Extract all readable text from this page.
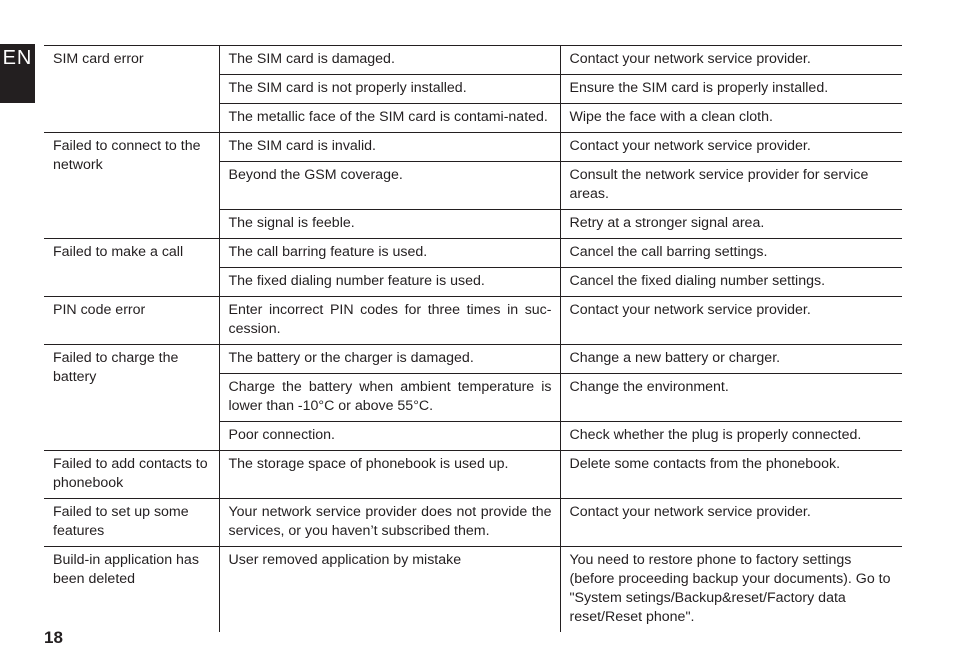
EN SIM card error	The SIM card is damaged.	Contact your network service provider.
	The SIM card is not properly installed.	Ensure the SIM card is properly installed.
	The metallic face of the SIM card is contami-nated.	Wipe the face with a clean cloth.
Failed to connect to the network	The SIM card is invalid.	Contact your network service provider.
	Beyond the GSM coverage.	Consult the network service provider for service areas.
	The signal is feeble.	Retry at a stronger signal area.
Failed to make a call	The call barring feature is used.	Cancel the call barring settings.
	The fixed dialing number feature is used.	Cancel the fixed dialing number settings.
PIN code error	Enter incorrect PIN codes for three times in suc-cession.	Contact your network service provider.
Failed to charge the battery	The battery or the charger is damaged.	Change a new battery or charger.
	Charge the battery when ambient temperature is lower than -10°C or above 55°C.	Change the environment.
	Poor connection.	Check whether the plug is properly connected.
Failed to add contacts to phonebook	The storage space of phonebook is used up.	Delete some contacts from the phonebook.
Failed to set up some features	Your network service provider does not provide the services, or you haven’t subscribed them.	Contact your network service provider.
Build-in application has been deleted	User removed application by mistake	You need to restore phone to factory settings (before proceeding backup your documents). Go to "System setings/Backup&reset/Factory data reset/Reset phone".
18
